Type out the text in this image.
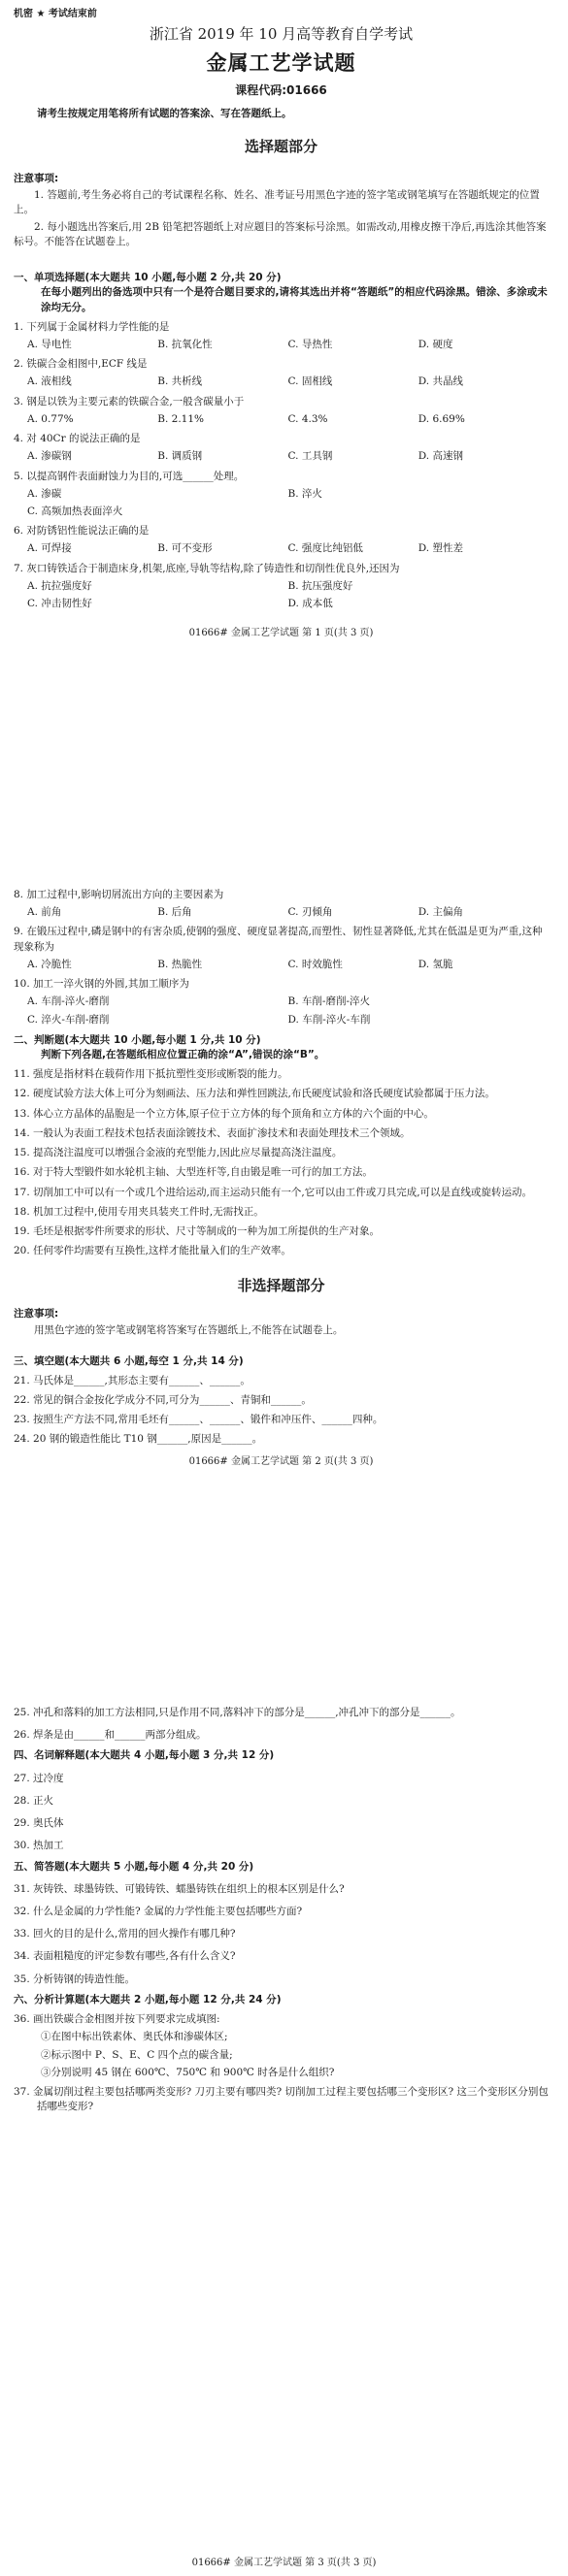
机密 ★ 考试结束前
浙江省 2019 年 10 月高等教育自学考试
金属工艺学试题
课程代码:01666
请考生按规定用笔将所有试题的答案涂、写在答题纸上。
选择题部分
注意事项:
1. 答题前,考生务必将自己的考试课程名称、姓名、准考证号用黑色字迹的签字笔或钢笔填写在答题纸规定的位置上。
2. 每小题选出答案后,用 2B 铅笔把答题纸上对应题目的答案标号涂黑。如需改动,用橡皮擦干净后,再选涂其他答案标号。不能答在试题卷上。
一、单项选择题(本大题共 10 小题,每小题 2 分,共 20 分)
在每小题列出的备选项中只有一个是符合题目要求的,请将其选出并将“答题纸”的相应代码涂黑。错涂、多涂或未涂均无分。
1. 下列属于金属材料力学性能的是
A. 导电性	B. 抗氧化性	C. 导热性	D. 硬度
2. 铁碳合金相图中,ECF 线是
A. 液相线	B. 共析线	C. 固相线	D. 共晶线
3. 钢是以铁为主要元素的铁碳合金,一般含碳量小于
A. 0.77%	B. 2.11%	C. 4.3%	D. 6.69%
4. 对 40Cr 的说法正确的是
A. 渗碳钢	B. 调质钢	C. 工具钢	D. 高速钢
5. 以提高钢件表面耐蚀力为目的,可选______处理。
A. 渗碳	B. 淬火
C. 高频加热表面淬火
6. 对防锈铝性能说法正确的是
A. 可焊接	B. 可不变形	C. 强度比纯铝低	D. 塑性差
7. 灰口铸铁适合于制造床身,机架,底座,导轨等结构,除了铸造性和切削性优良外,还因为
A. 抗拉强度好	B. 抗压强度好
C. 冲击韧性好	D. 成本低
01666# 金属工艺学试题 第 1 页(共 3 页)
8. 加工过程中,影响切屑流出方向的主要因素为
A. 前角	B. 后角	C. 刃倾角	D. 主偏角
9. 在锻压过程中,磷是钢中的有害杂质,使钢的强度、硬度显著提高,而塑性、韧性显著降低,尤其在低温是更为严重,这种现象称为
A. 冷脆性	B. 热脆性	C. 时效脆性	D. 氢脆
10. 加工一淬火钢的外圆,其加工顺序为
A. 车削-淬火-磨削	B. 车削-磨削-淬火
C. 淬火-车削-磨削	D. 车削-淬火-车削
二、判断题(本大题共 10 小题,每小题 1 分,共 10 分)
判断下列各题,在答题纸相应位置正确的涂“A”,错误的涂“B”。
11. 强度是指材料在载荷作用下抵抗塑性变形或断裂的能力。
12. 硬度试验方法大体上可分为刻画法、压力法和弹性回跳法,布氏硬度试验和洛氏硬度试验都属于压力法。
13. 体心立方晶体的晶胞是一个立方体,原子位于立方体的每个顶角和立方体的六个面的中心。
14. 一般认为表面工程技术包括表面涂镀技术、表面扩渗技术和表面处理技术三个领域。
15. 提高浇注温度可以增强合金液的充型能力,因此应尽量提高浇注温度。
16. 对于特大型锻件如水轮机主轴、大型连杆等,自由锻是唯一可行的加工方法。
17. 切削加工中可以有一个或几个进给运动,而主运动只能有一个,它可以由工件或刀具完成,可以是直线或旋转运动。
18. 机加工过程中,使用专用夹具装夹工件时,无需找正。
19. 毛坯是根据零件所要求的形状、尺寸等制成的一种为加工所提供的生产对象。
20. 任何零件均需要有互换性,这样才能批量入们的生产效率。
非选择题部分
注意事项:
用黑色字迹的签字笔或钢笔将答案写在答题纸上,不能答在试题卷上。
三、填空题(本大题共 6 小题,每空 1 分,共 14 分)
21. 马氏体是______,其形态主要有______、______。
22. 常见的铜合金按化学成分不同,可分为______、青铜和______。
23. 按照生产方法不同,常用毛坯有______、______、锻件和冲压件、______四种。
24. 20 钢的锻造性能比 T10 钢______,原因是______。
01666# 金属工艺学试题 第 2 页(共 3 页)
25. 冲孔和落料的加工方法相同,只是作用不同,落料冲下的部分是______,冲孔冲下的部分是______。
26. 焊条是由______和______两部分组成。
四、名词解释题(本大题共 4 小题,每小题 3 分,共 12 分)
27. 过冷度
28. 正火
29. 奥氏体
30. 热加工
五、简答题(本大题共 5 小题,每小题 4 分,共 20 分)
31. 灰铸铁、球墨铸铁、可锻铸铁、蠕墨铸铁在组织上的根本区别是什么?
32. 什么是金属的力学性能? 金属的力学性能主要包括哪些方面?
33. 回火的目的是什么,常用的回火操作有哪几种?
34. 表面粗糙度的评定参数有哪些,各有什么含义?
35. 分析铸钢的铸造性能。
六、分析计算题(本大题共 2 小题,每小题 12 分,共 24 分)
36. 画出铁碳合金相图并按下列要求完成填图:
①在图中标出铁素体、奥氏体和渗碳体区;
②标示图中 P、S、E、C 四个点的碳含量;
③分别说明 45 钢在 600℃、750℃ 和 900℃ 时各是什么组织?
37. 金属切削过程主要包括哪两类变形? 刀刃主要有哪四类? 切削加工过程主要包括哪三个变形区? 这三个变形区分别包括哪些变形?
01666# 金属工艺学试题 第 3 页(共 3 页)
